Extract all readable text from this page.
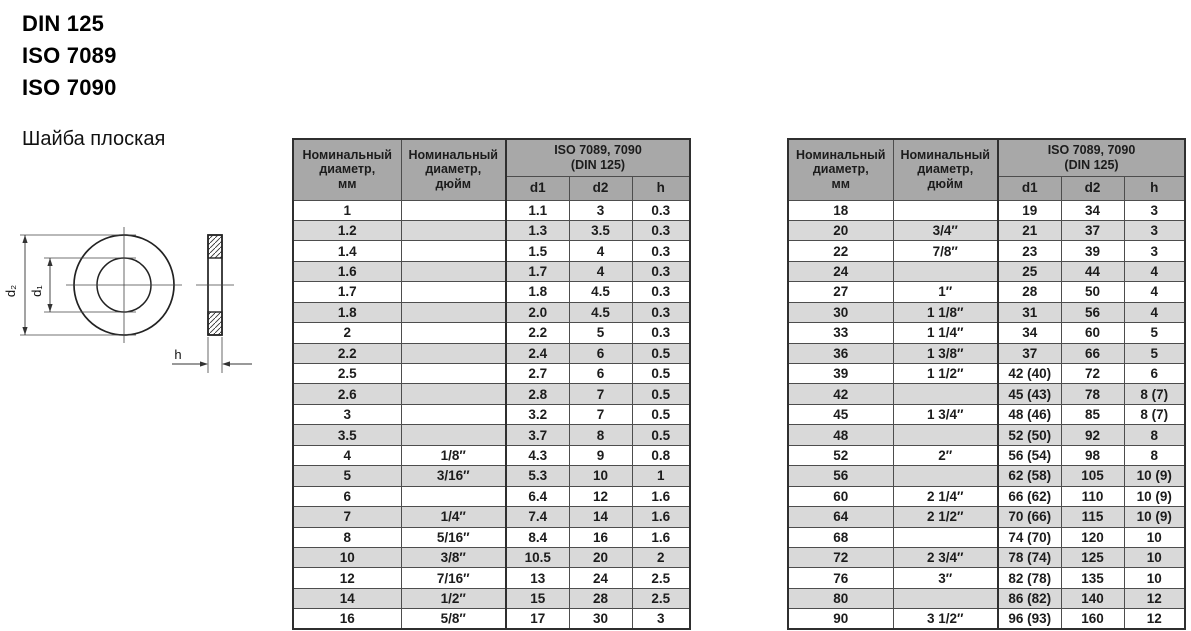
DIN 125
ISO 7089
ISO 7090
Шайба плоская
d₂ d₁
h
Номинальный
диаметр,
мм

Номинальный
диаметр,
дюйм

ISO 7089, 7090
(DIN 125)

		d1	d2	h
1		1.1	3	0.3
1.2		1.3	3.5	0.3
1.4		1.5	4	0.3
1.6		1.7	4	0.3
1.7		1.8	4.5	0.3
1.8		2.0	4.5	0.3
2		2.2	5	0.3
2.2		2.4	6	0.5
2.5		2.7	6	0.5
2.6		2.8	7	0.5
3		3.2	7	0.5
3.5		3.7	8	0.5
4	1/8″	4.3	9	0.8
5	3/16″	5.3	10	1
6		6.4	12	1.6
7	1/4″	7.4	14	1.6
8	5/16″	8.4	16	1.6
10	3/8″	10.5	20	2
12	7/16″	13	24	2.5
14	1/2″	15	28	2.5
16	5/8″	17	30	3
Номинальный
диаметр,
мм

Номинальный
диаметр,
дюйм

ISO 7089, 7090
(DIN 125)

		d1	d2	h
18		19	34	3
20	3/4″	21	37	3
22	7/8″	23	39	3
24		25	44	4
27	1″	28	50	4
30	1 1/8″	31	56	4
33	1 1/4″	34	60	5
36	1 3/8″	37	66	5
39	1 1/2″	42 (40)	72	6
42		45 (43)	78	8 (7)
45	1 3/4″	48 (46)	85	8 (7)
48		52 (50)	92	8
52	2″	56 (54)	98	8
56		62 (58)	105	10 (9)
60	2 1/4″	66 (62)	110	10 (9)
64	2 1/2″	70 (66)	115	10 (9)
68		74 (70)	120	10
72	2 3/4″	78 (74)	125	10
76	3″	82 (78)	135	10
80		86 (82)	140	12
90	3 1/2″	96 (93)	160	12
